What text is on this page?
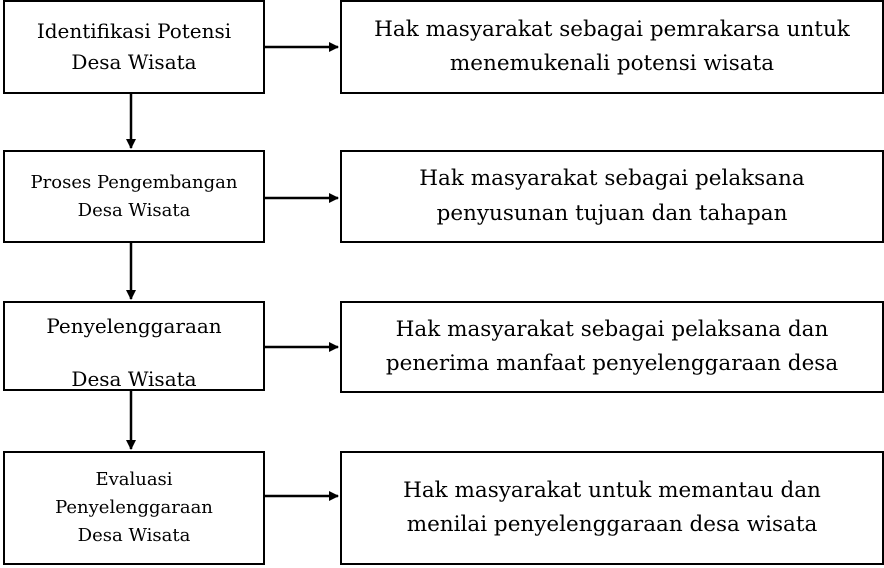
Identifikasi Potensi
Desa Wisata
Proses Pengembangan
Desa Wisata
Penyelenggaraan
Desa Wisata
Evaluasi
Penyelenggaraan
Desa Wisata
Hak masyarakat sebagai pemrakarsa untuk
menemukenali potensi wisata
Hak masyarakat sebagai pelaksana
penyusunan tujuan dan tahapan
Hak masyarakat sebagai pelaksana dan
penerima manfaat penyelenggaraan desa
Hak masyarakat untuk memantau dan
menilai penyelenggaraan desa wisata
